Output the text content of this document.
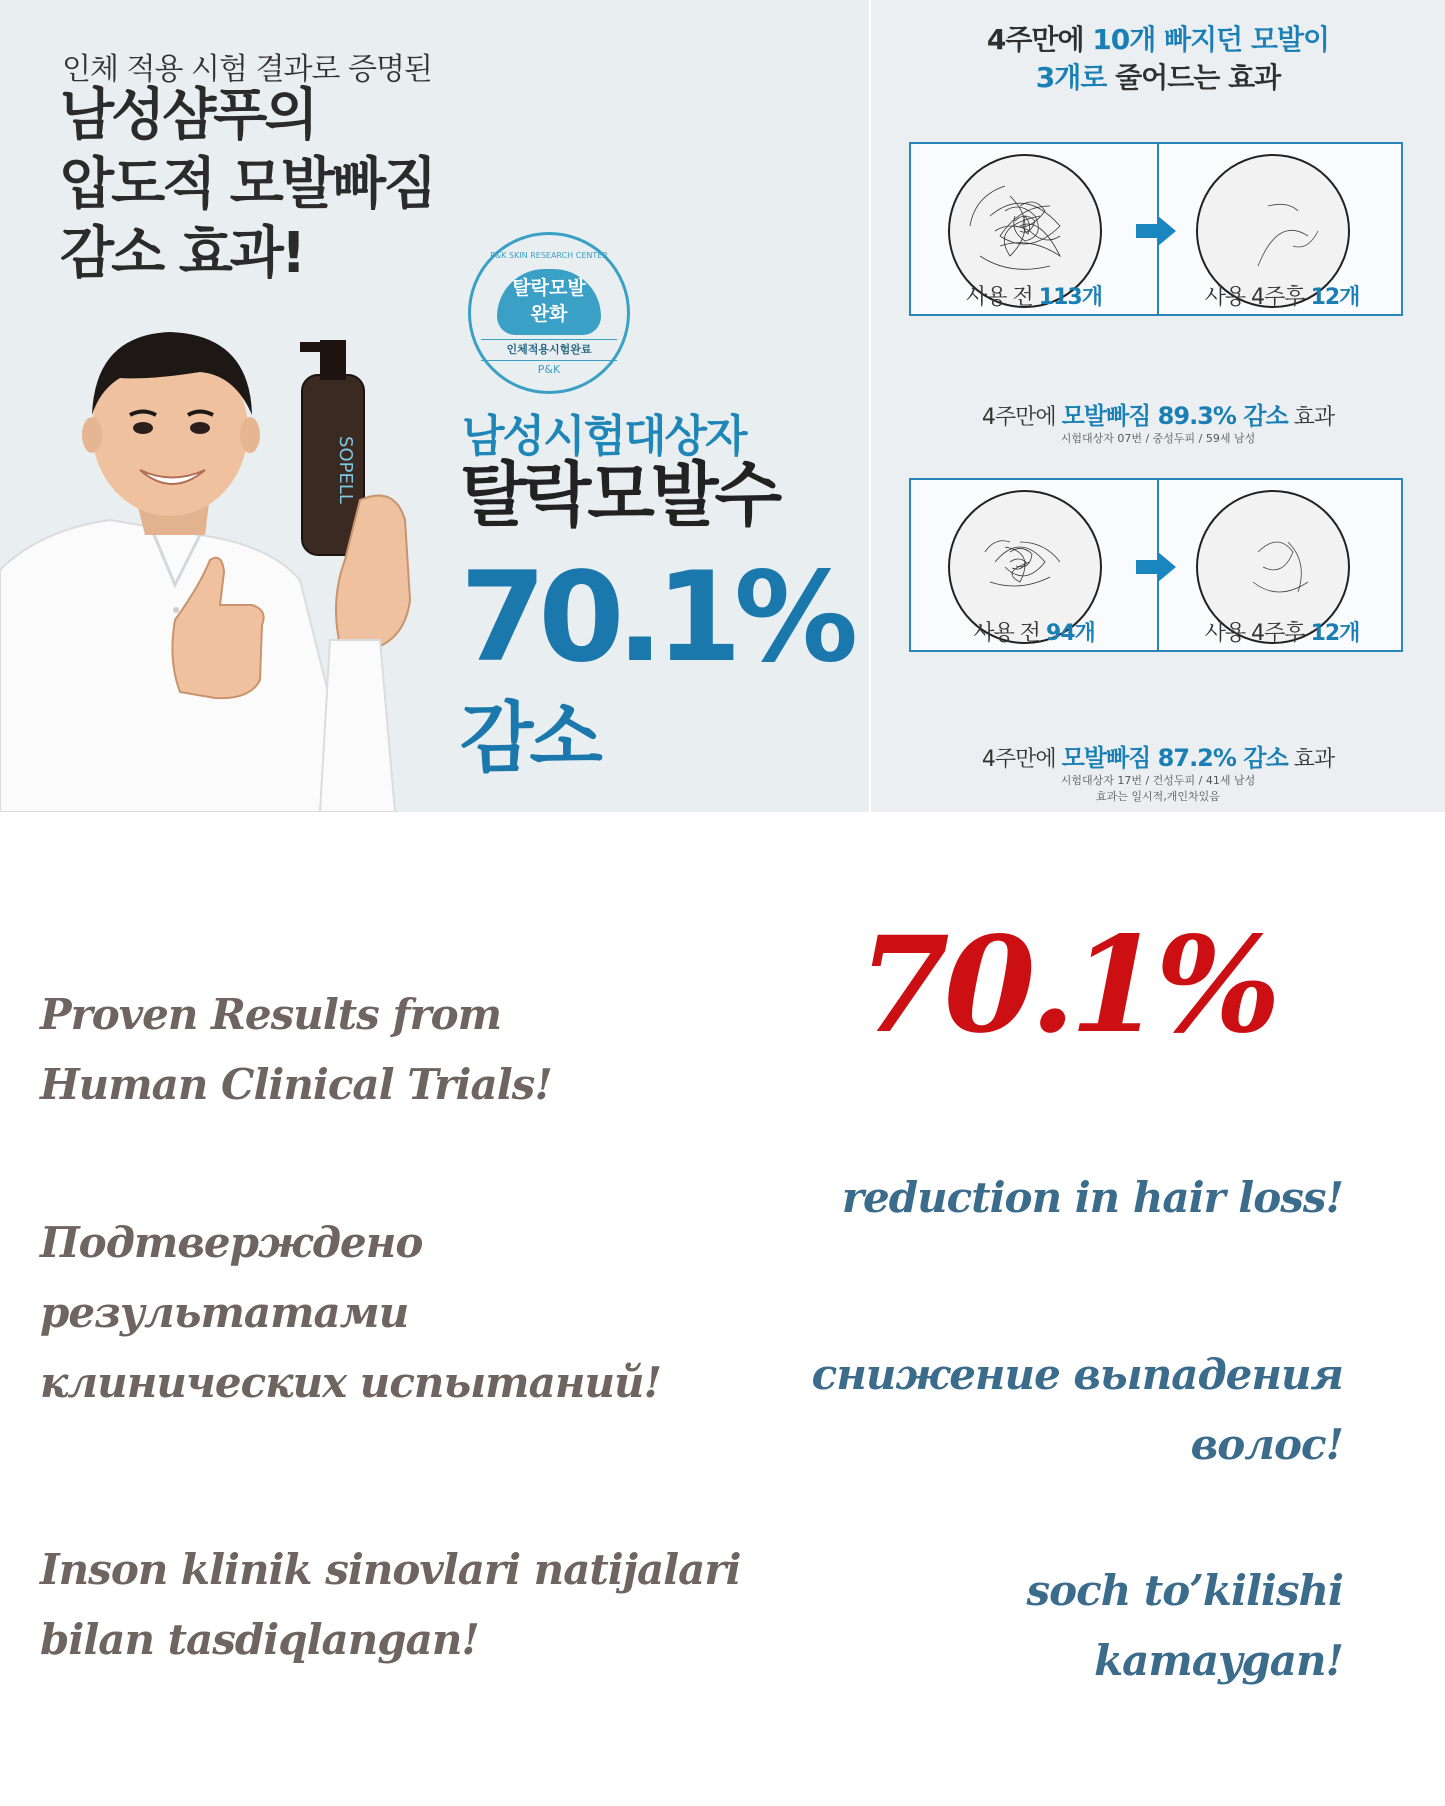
인체 적용 시험 결과로 증명된
남성샴푸의
압도적 모발빠짐
감소 효과!	P&K SKIN RESEARCH CENTER
탈락모발
완화
인체적용시험완료
P&K
SOPELL 남성시험대상자
탈락모발수
70.1%
감소
4주만에 10개 빠지던 모발이
3개로 줄어드는 효과
사용 전 113개	사용 4주후 12개
4주만에 모발빠짐 89.3% 감소 효과
시험대상자 07번 / 중성두피 / 59세 남성
사용 전 94개	사용 4주후 12개
4주만에 모발빠짐 87.2% 감소 효과
시험대상자 17번 / 건성두피 / 41세 남성
효과는 일시적,개인차있음
70.1%
Proven Results from
Human Clinical Trials!
Подтверждено
результатами
клинических испытаний!
Inson klinik sinovlari natijalari
bilan tasdiqlangan!
reduction in hair loss!
снижение выпадения
волос!
soch to’kilishi
kamaygan!
